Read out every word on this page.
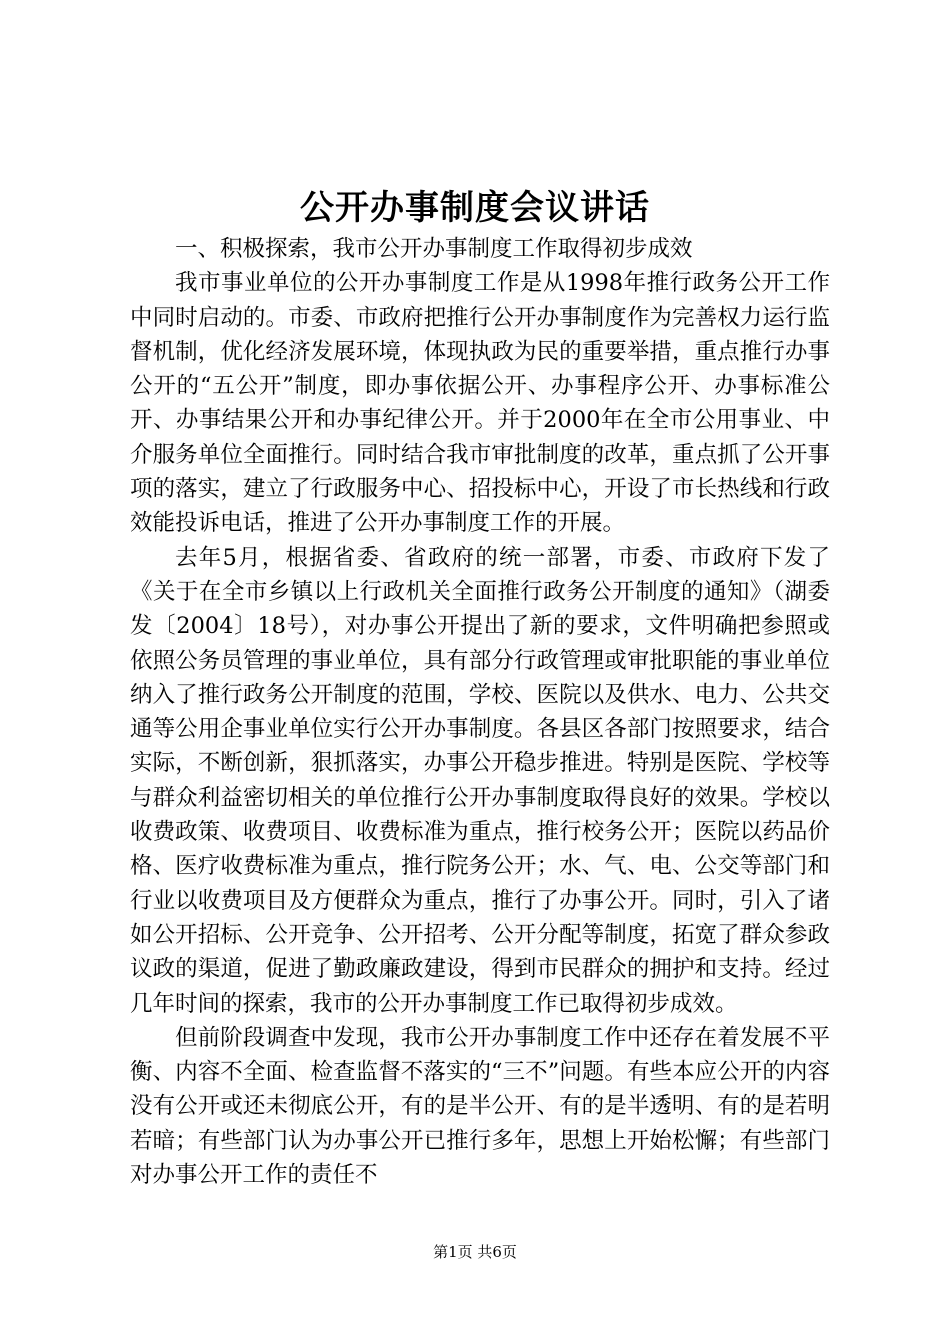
公开办事制度会议讲话

一、积极探索，我市公开办事制度工作取得初步成效

我市事业单位的公开办事制度工作是从1998年推行政务公开工作中同时启动的。市委、市政府把推行公开办事制度作为完善权力运行监督机制，优化经济发展环境，体现执政为民的重要举措，重点推行办事公开的“五公开”制度，即办事依据公开、办事程序公开、办事标准公开、办事结果公开和办事纪律公开。并于2000年在全市公用事业、中介服务单位全面推行。同时结合我市审批制度的改革，重点抓了公开事项的落实，建立了行政服务中心、招投标中心，开设了市长热线和行政效能投诉电话，推进了公开办事制度工作的开展。

去年5月，根据省委、省政府的统一部署，市委、市政府下发了《关于在全市乡镇以上行政机关全面推行政务公开制度的通知》（湖委发〔2004〕18号），对办事公开提出了新的要求，文件明确把参照或依照公务员管理的事业单位，具有部分行政管理或审批职能的事业单位纳入了推行政务公开制度的范围，学校、医院以及供水、电力、公共交通等公用企事业单位实行公开办事制度。各县区各部门按照要求，结合实际，不断创新，狠抓落实，办事公开稳步推进。特别是医院、学校等与群众利益密切相关的单位推行公开办事制度取得良好的效果。学校以收费政策、收费项目、收费标准为重点，推行校务公开；医院以药品价格、医疗收费标准为重点，推行院务公开；水、气、电、公交等部门和行业以收费项目及方便群众为重点，推行了办事公开。同时，引入了诸如公开招标、公开竞争、公开招考、公开分配等制度，拓宽了群众参政议政的渠道，促进了勤政廉政建设，得到市民群众的拥护和支持。经过几年时间的探索，我市的公开办事制度工作已取得初步成效。

但前阶段调查中发现，我市公开办事制度工作中还存在着发展不平衡、内容不全面、检查监督不落实的“三不”问题。有些本应公开的内容没有公开或还未彻底公开，有的是半公开、有的是半透明、有的是若明若暗；有些部门认为办事公开已推行多年，思想上开始松懈；有些部门对办事公开工作的责任不

第1页 共6页
